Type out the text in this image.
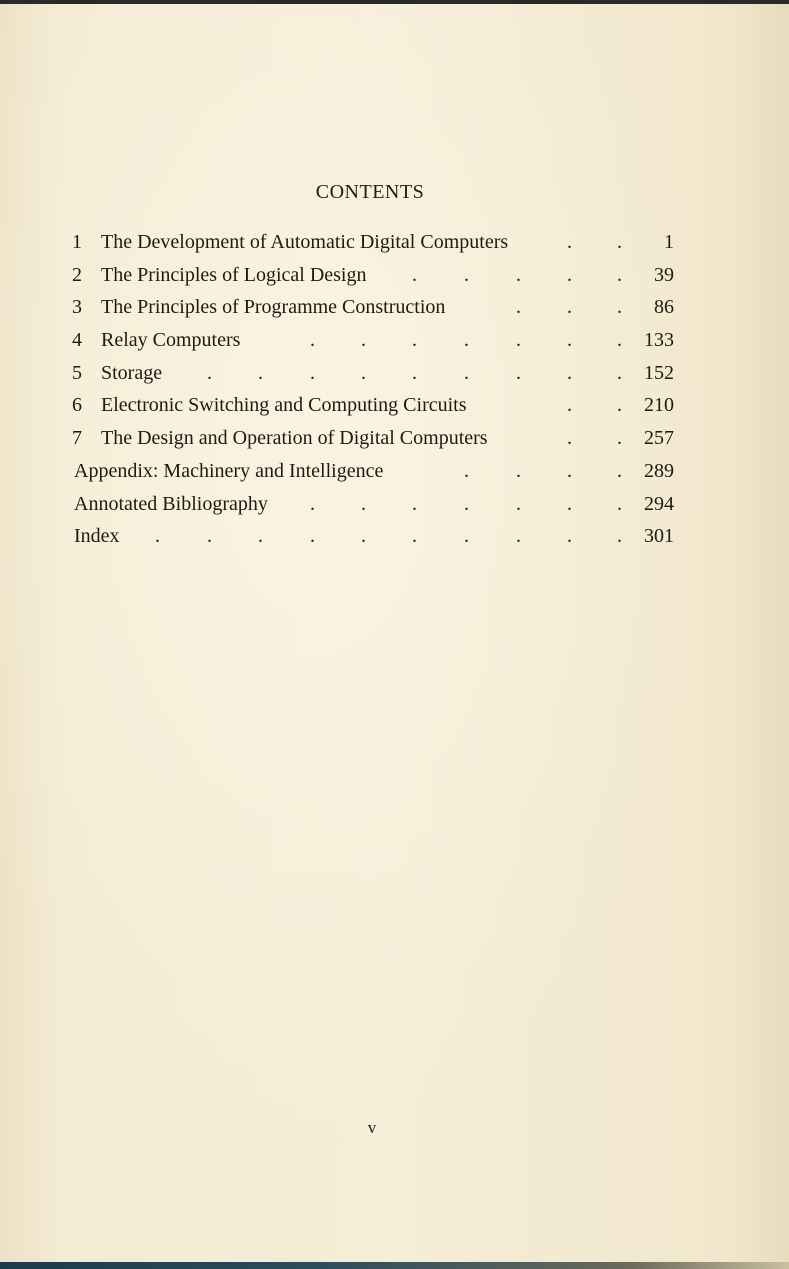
CONTENTS
1 The Development of Automatic Digital Computers	1
. .
2 The Principles of Logical Design	39
. . . . .
3 The Principles of Programme Construction	86
. . .
4 Relay Computers	133
. . . . . . .
5 Storage	152
. . . . . . . . .
6 Electronic Switching and Computing Circuits	210
. .
7 The Design and Operation of Digital Computers	257
. .
Appendix: Machinery and Intelligence	289
. . . .
Annotated Bibliography	294
. . . . . . .
Index	301
. . . . . . . . . .
v
